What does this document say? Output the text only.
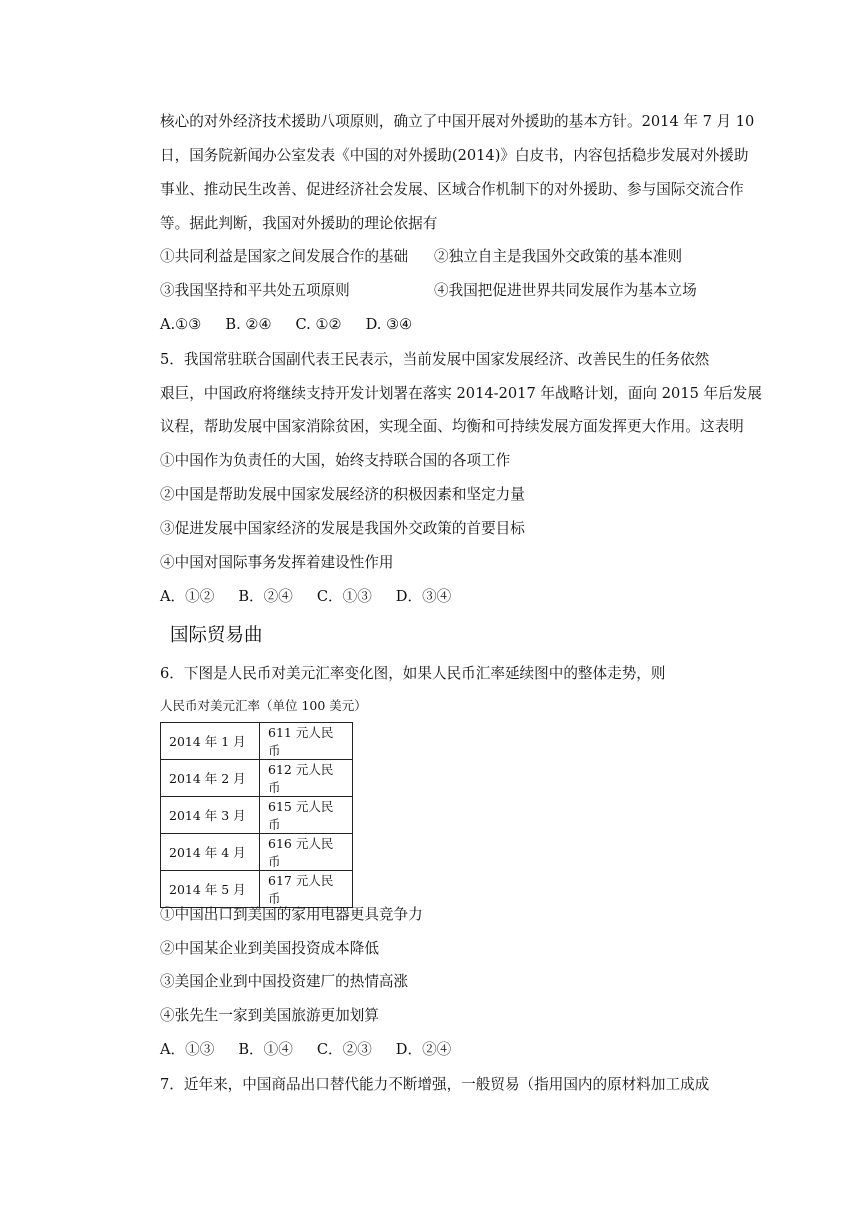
核心的对外经济技术援助八项原则，确立了中国开展对外援助的基本方针。2014 年 7 月 10
日，国务院新闻办公室发表《中国的对外援助(2014)》白皮书，内容包括稳步发展对外援助
事业、推动民生改善、促进经济社会发展、区域合作机制下的对外援助、参与国际交流合作
等。据此判断，我国对外援助的理论依据有
①共同利益是国家之间发展合作的基础 ②独立自主是我国外交政策的基本准则
③我国坚持和平共处五项原则	④我国把促进世界共同发展作为基本立场
A.①③ B. ②④ C. ①② D. ③④
5．我国常驻联合国副代表王民表示，当前发展中国家发展经济、改善民生的任务依然
艰巨，中国政府将继续支持开发计划署在落实 2014-2017 年战略计划，面向 2015 年后发展
议程，帮助发展中国家消除贫困，实现全面、均衡和可持续发展方面发挥更大作用。这表明
①中国作为负责任的大国，始终支持联合国的各项工作
②中国是帮助发展中国家发展经济的积极因素和坚定力量
③促进发展中国家经济的发展是我国外交政策的首要目标
④中国对国际事务发挥着建设性作用
A．①② B．②④ C．①③ D．③④
国际贸易曲
6．下图是人民币对美元汇率变化图，如果人民币汇率延续图中的整体走势，则
人民币对美元汇率（单位 100 美元）
2014 年 1 月	611 元人民币
2014 年 2 月	612 元人民币
2014 年 3 月	615 元人民币
2014 年 4 月	616 元人民币
2014 年 5 月	617 元人民币
①中国出口到美国的家用电器更具竞争力
②中国某企业到美国投资成本降低
③美国企业到中国投资建厂的热情高涨
④张先生一家到美国旅游更加划算
A．①③ B．①④ C．②③ D．②④
7．近年来，中国商品出口替代能力不断增强，一般贸易（指用国内的原材料加工成成
